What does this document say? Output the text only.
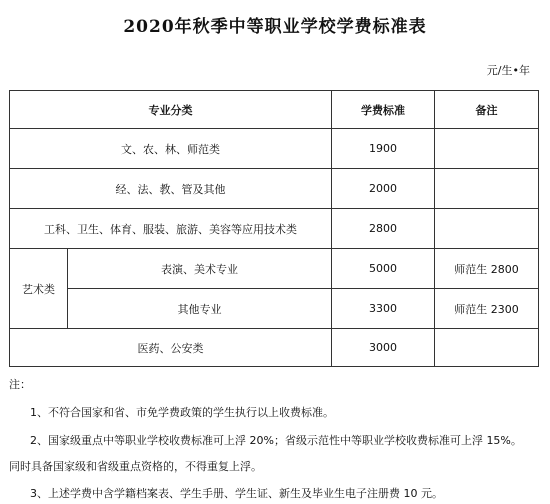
2020年秋季中等职业学校学费标准表
元/生•年
专业分类		学费标准	备注
文、农、林、师范类		1900	
经、法、教、管及其他		2000	
工科、卫生、体育、服装、旅游、美容等应用技术类		2800	
艺术类	表演、美术专业	5000	师范生 2800
	其他专业	3300	师范生 2300
医药、公安类		3000	
注：
1、不符合国家和省、市免学费政策的学生执行以上收费标准。
2、国家级重点中等职业学校收费标准可上浮 20%；省级示范性中等职业学校收费标准可上浮 15%。
同时具备国家级和省级重点资格的，不得重复上浮。
3、上述学费中含学籍档案表、学生手册、学生证、新生及毕业生电子注册费 10 元。
